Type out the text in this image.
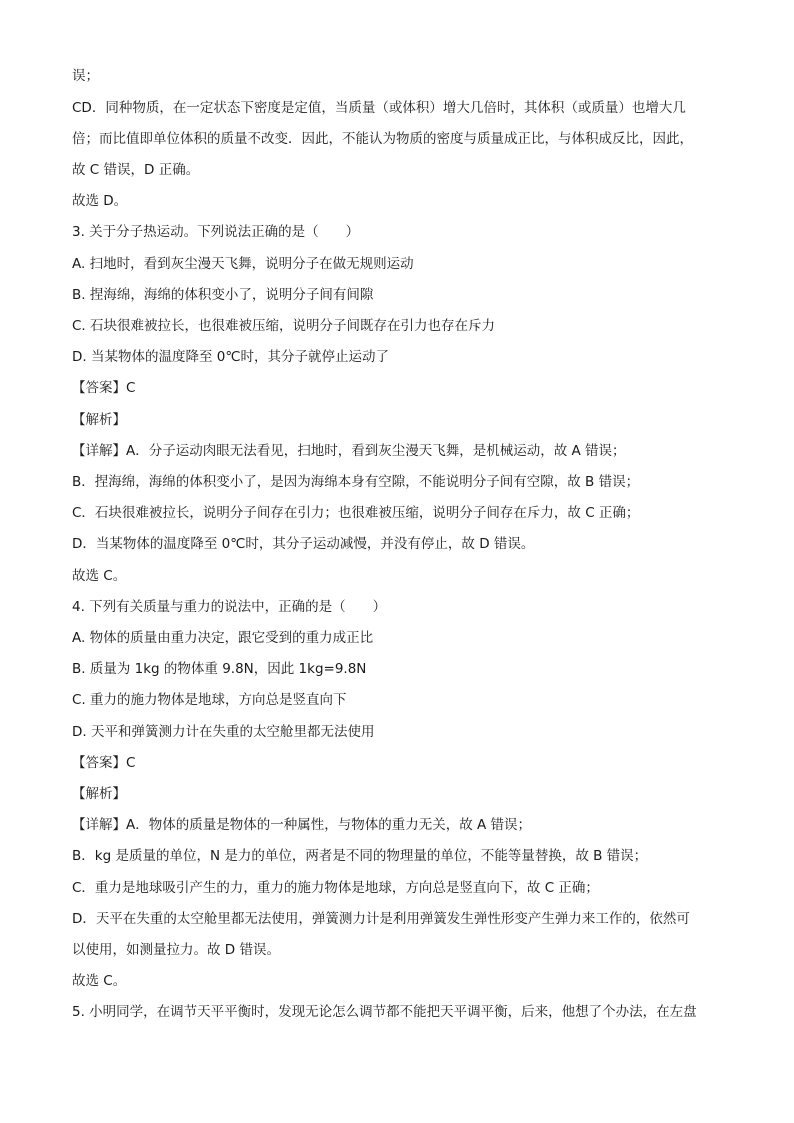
误；
CD．同种物质，在一定状态下密度是定值，当质量（或体积）增大几倍时，其体积（或质量）也增大几
倍；而比值即单位体积的质量不改变．因此，不能认为物质的密度与质量成正比，与体积成反比，因此，
故 C 错误，D 正确。
故选 D。
3. 关于分子热运动。下列说法正确的是（　　）
A. 扫地时，看到灰尘漫天飞舞，说明分子在做无规则运动
B. 捏海绵，海绵的体积变小了，说明分子间有间隙
C. 石块很难被拉长，也很难被压缩，说明分子间既存在引力也存在斥力
D. 当某物体的温度降至 0℃时，其分子就停止运动了
【答案】C
【解析】
【详解】A．分子运动肉眼无法看见，扫地时，看到灰尘漫天飞舞，是机械运动，故 A 错误；
B．捏海绵，海绵的体积变小了，是因为海绵本身有空隙，不能说明分子间有空隙，故 B 错误；
C．石块很难被拉长，说明分子间存在引力；也很难被压缩，说明分子间存在斥力，故 C 正确；
D．当某物体的温度降至 0℃时，其分子运动减慢，并没有停止，故 D 错误。
故选 C。
4. 下列有关质量与重力的说法中，正确的是（　　）
A. 物体的质量由重力决定，跟它受到的重力成正比
B. 质量为 1kg 的物体重 9.8N，因此 1kg=9.8N
C. 重力的施力物体是地球，方向总是竖直向下
D. 天平和弹簧测力计在失重的太空舱里都无法使用
【答案】C
【解析】
【详解】A．物体的质量是物体的一种属性，与物体的重力无关，故 A 错误；
B．kg 是质量的单位，N 是力的单位，两者是不同的物理量的单位，不能等量替换，故 B 错误；
C．重力是地球吸引产生的力，重力的施力物体是地球，方向总是竖直向下，故 C 正确；
D．天平在失重的太空舱里都无法使用，弹簧测力计是利用弹簧发生弹性形变产生弹力来工作的，依然可
以使用，如测量拉力。故 D 错误。
故选 C。
5. 小明同学，在调节天平平衡时，发现无论怎么调节都不能把天平调平衡，后来，他想了个办法，在左盘
